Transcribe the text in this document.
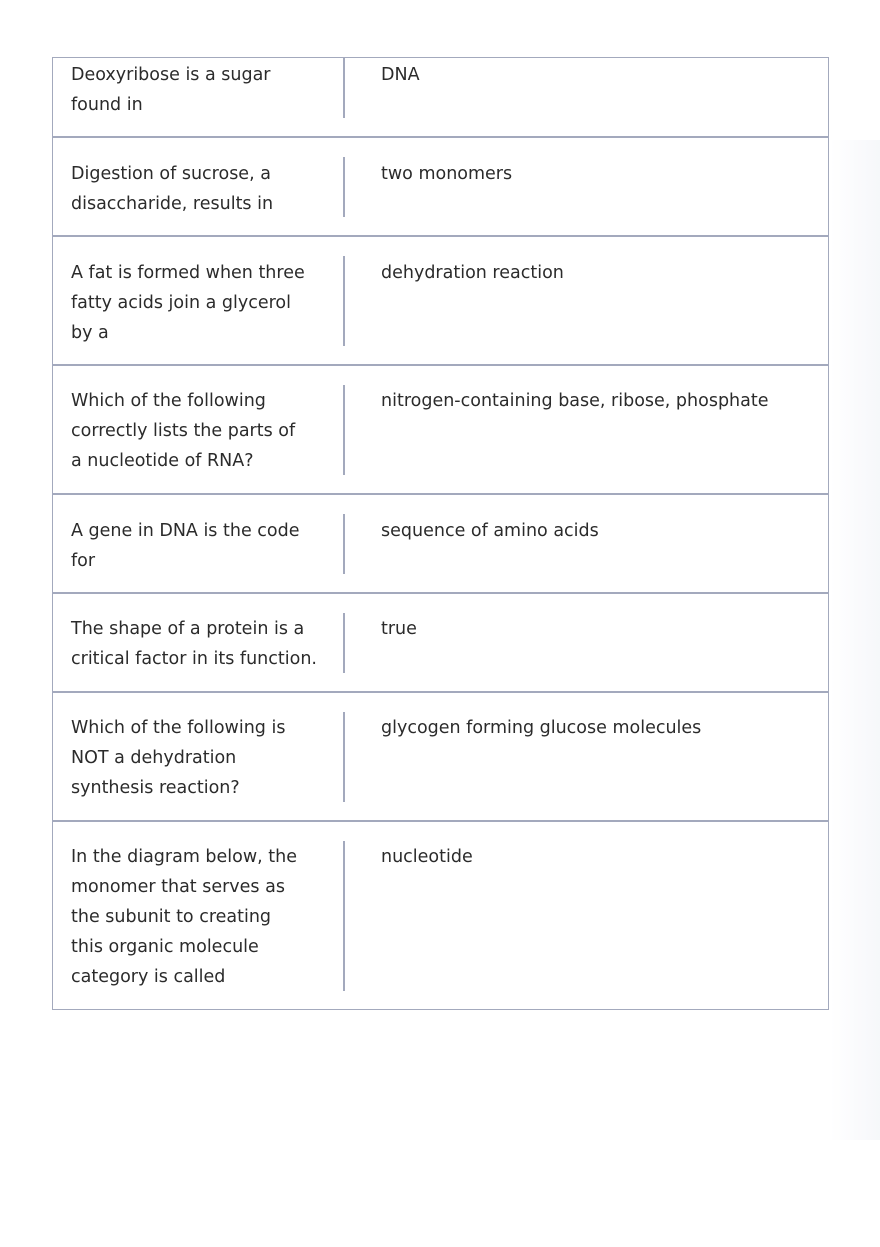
Deoxyribose is a sugar found in
DNA
Digestion of sucrose, a disaccharide, results in
two monomers
A fat is formed when three fatty acids join a glycerol by a
dehydration reaction
Which of the following correctly lists the parts of a nucleotide of RNA?
nitrogen-containing base, ribose, phosphate
A gene in DNA is the code for
sequence of amino acids
The shape of a protein is a critical factor in its function.
true
Which of the following is NOT a dehydration synthesis reaction?
glycogen forming glucose molecules
In the diagram below, the monomer that serves as the subunit to creating this organic molecule category is called
nucleotide
